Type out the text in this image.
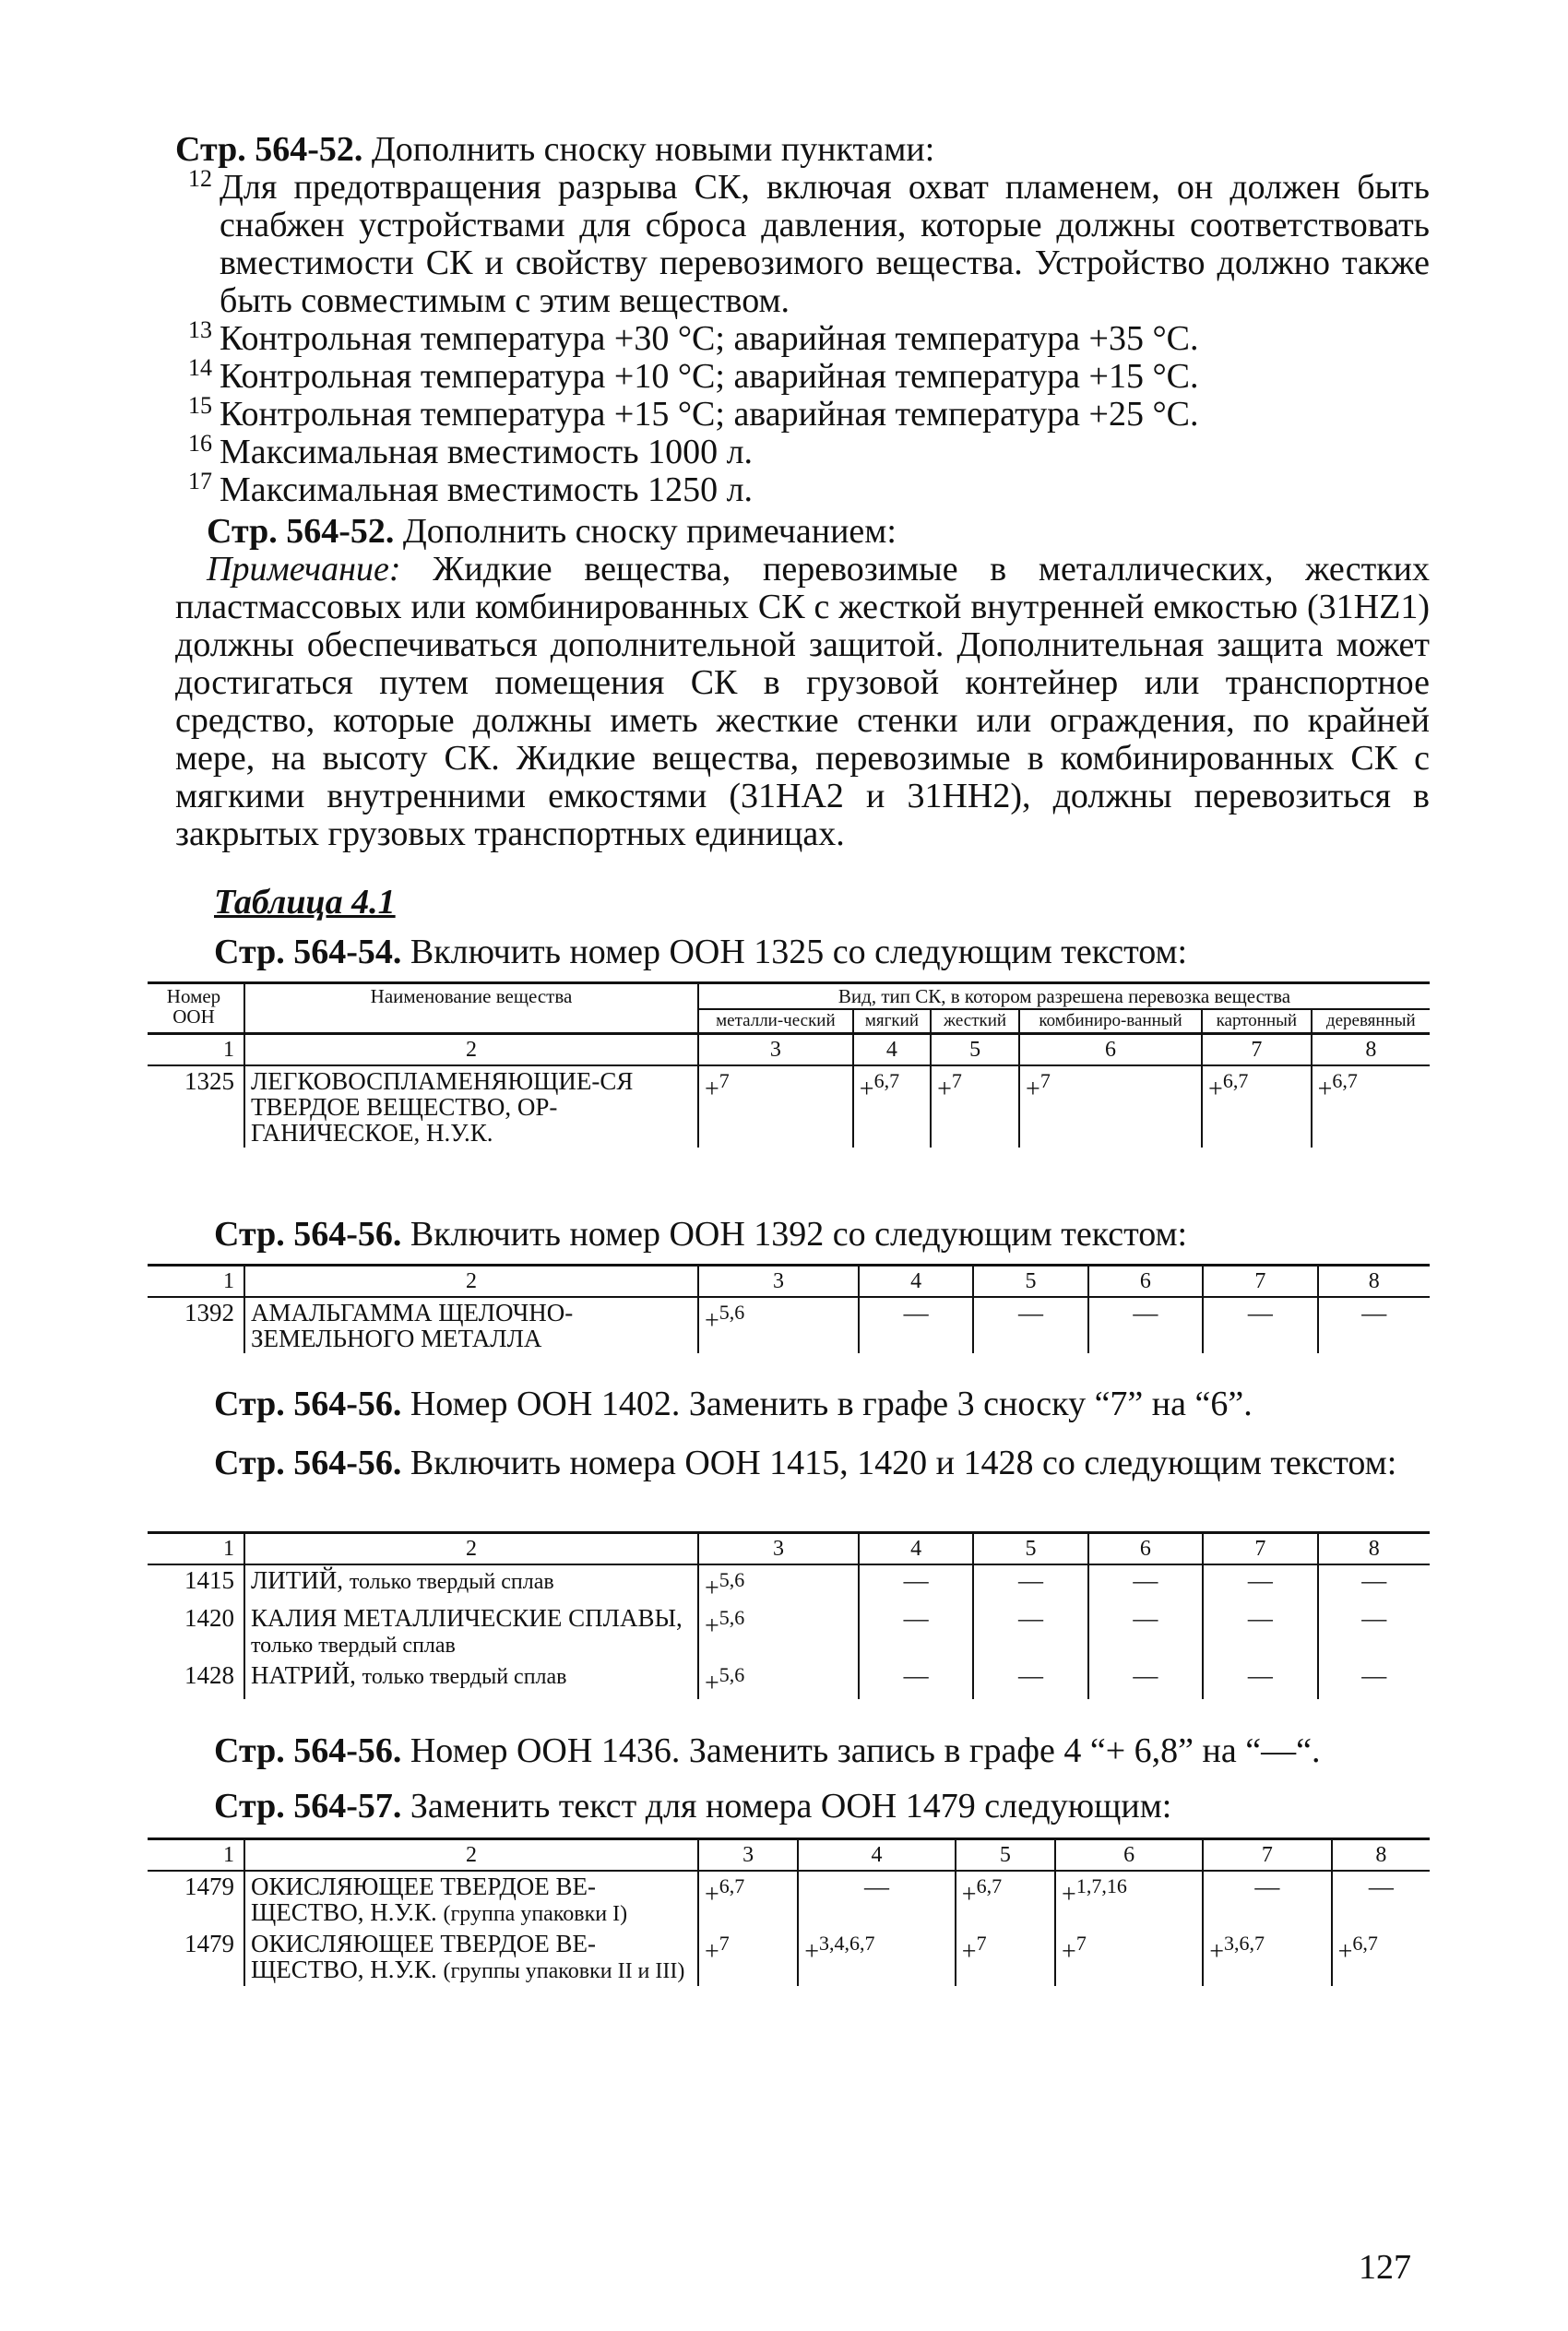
Стр. 564-52. Дополнить сноску новыми пунктами:

12 Для предотвращения разрыва СК, включая охват пламенем, он должен быть снабжен устройствами для сброса давления, которые должны соответствовать вместимости СК и свойству перевозимого вещества. Устройство должно также быть совместимым с этим веществом.

13 Контрольная температура +30 °С; аварийная температура +35 °С.

14 Контрольная температура +10 °С; аварийная температура +15 °С.

15 Контрольная температура +15 °С; аварийная температура +25 °С.

16 Максимальная вместимость 1000 л.

17 Максимальная вместимость 1250 л.

Стр. 564-52. Дополнить сноску примечанием:

Примечание: Жидкие вещества, перевозимые в металлических, жестких пластмассовых или комбинированных СК с жесткой внутренней емкостью (31HZ1) должны обеспечиваться дополнительной защитой. Дополнительная защита может достигаться путем помещения СК в грузовой контейнер или транспортное средство, которые должны иметь жесткие стенки или ограждения, по крайней мере, на высоту СК. Жидкие вещества, перевозимые в комбинированных СК с мягкими внутренними емкостями (31НА2 и 31НН2), должны перевозиться в закрытых грузовых транспортных единицах.

Таблица 4.1
Стр. 564-54. Включить номер ООН 1325 со следующим текстом:
Номер ООН	Наименование вещества	Вид, тип СК, в котором разрешена перевозка вещества					
		металли-ческий	мягкий	жесткий	комбиниро-ванный	картонный	деревянный
1	2	3	4	5	6	7	8
1325	ЛЕГКОВОСПЛАМЕНЯЮЩИЕ-СЯ ТВЕРДОЕ ВЕЩЕСТВО, ОР-ГАНИЧЕСКОЕ, Н.У.К.	+$^7$	+$^{6,7}$	+$^7$	+$^7$	+$^{6,7}$	+$^{6,7}$
Стр. 564-56. Включить номер ООН 1392 со следующим текстом:
1	2	3	4	5	6	7	8
1392	АМАЛЬГАММА ЩЕЛОЧНО-ЗЕМЕЛЬНОГО МЕТАЛЛА	+$^{5,6}$	—	—	—	—	—
Стр. 564-56. Номер ООН 1402. Заменить в графе 3 сноску “7” на “6”.
Стр. 564-56. Включить номера ООН 1415, 1420 и 1428 со следующим текстом:
1	2	3	4	5	6	7	8
1415	ЛИТИЙ, только твердый сплав	+$^{5,6}$	—	—	—	—	—

1420	КАЛИЯ МЕТАЛЛИЧЕСКИЕ СПЛАВЫ, только твердый сплав	+$^{5,6}$	—	—	—	—	—

1428	НАТРИЙ, только твердый сплав	+$^{5,6}$	—	—	—	—	—
Стр. 564-56. Номер ООН 1436. Заменить запись в графе 4 “+ 6,8” на “—“.
Стр. 564-57. Заменить текст для номера ООН 1479 следующим:
1	2	3	4	5	6	7	8
1479	ОКИСЛЯЮЩЕЕ ТВЕРДОЕ ВЕ-ЩЕСТВО, Н.У.К. (группа упаковки I)	+$^{6,7}$	—	+$^{6,7}$	+$^{1,7,16}$	—	—

1479	ОКИСЛЯЮЩЕЕ ТВЕРДОЕ ВЕ-ЩЕСТВО, Н.У.К. (группы упаковки II и III)	+$^7$	+$^{3,4,6,7}$	+$^7$	+$^7$	+$^{3,6,7}$	+$^{6,7}$
127
